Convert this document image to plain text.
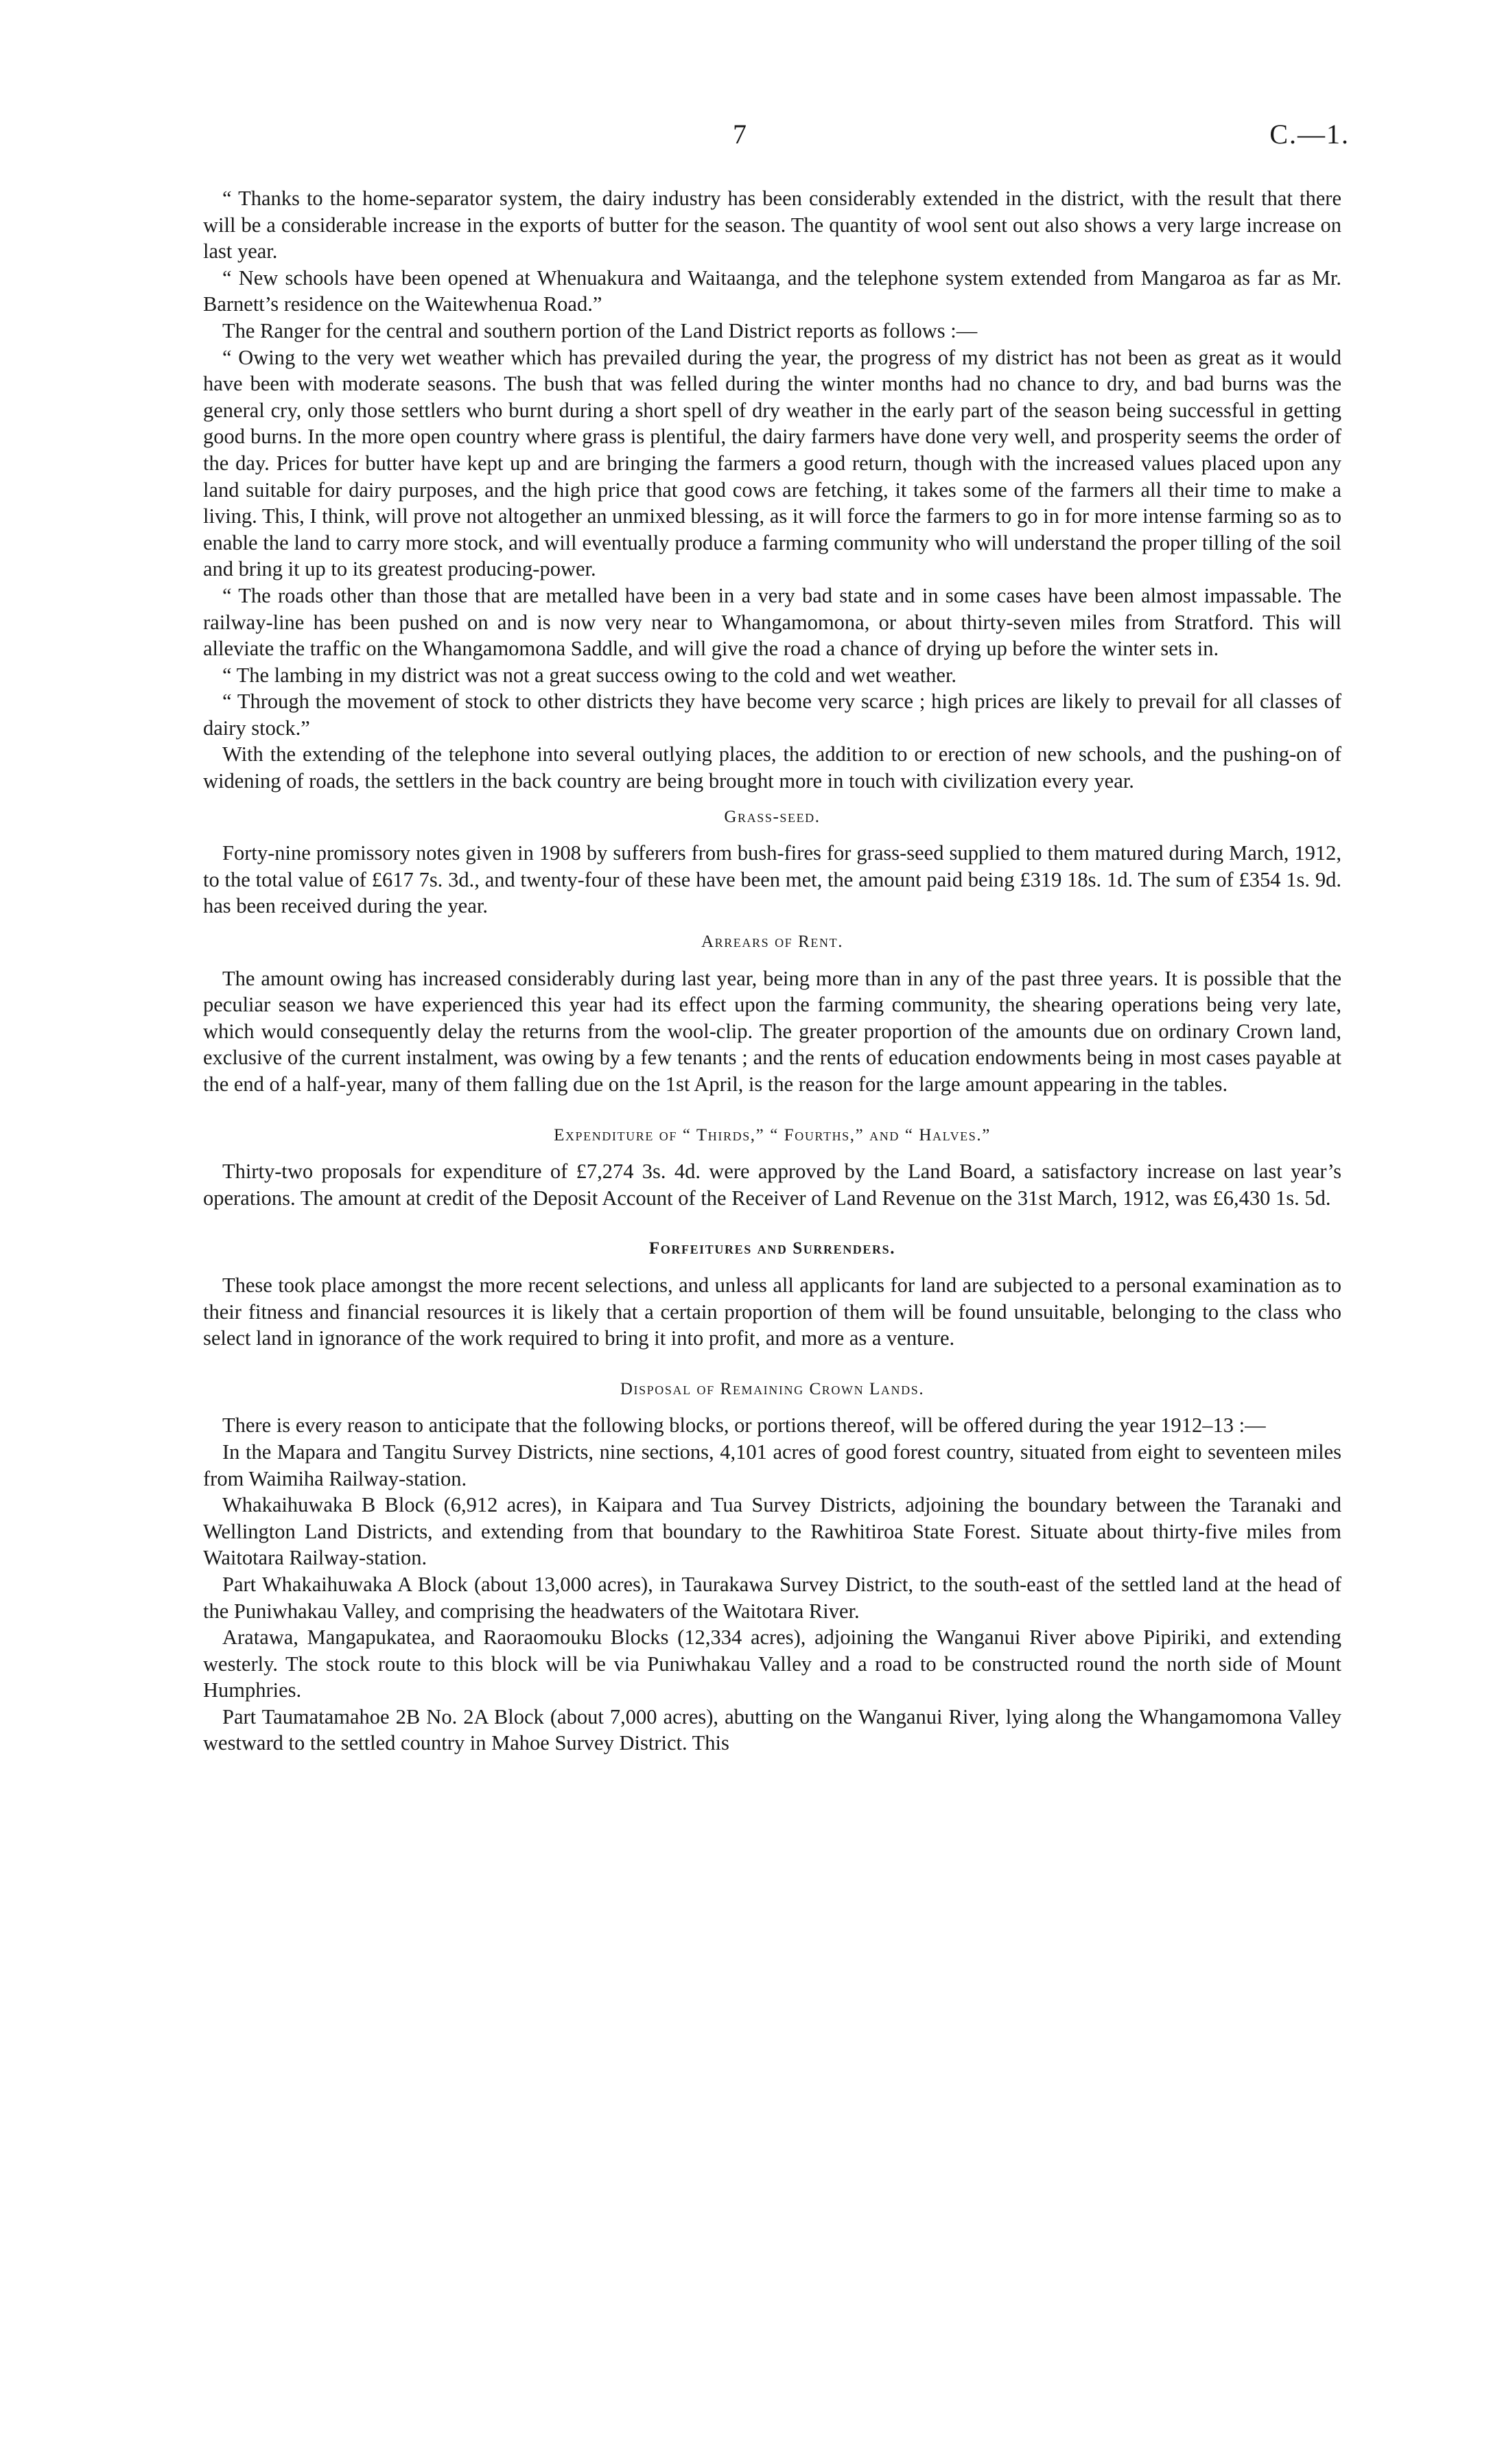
7	C.—1.

“ Thanks to the home-separator system, the dairy industry has been considerably extended in the district, with the result that there will be a considerable increase in the exports of butter for the season. The quantity of wool sent out also shows a very large increase on last year.

“ New schools have been opened at Whenuakura and Waitaanga, and the telephone system extended from Mangaroa as far as Mr. Barnett’s residence on the Waitewhenua Road.”

The Ranger for the central and southern portion of the Land District reports as follows :—

“ Owing to the very wet weather which has prevailed during the year, the progress of my district has not been as great as it would have been with moderate seasons. The bush that was felled during the winter months had no chance to dry, and bad burns was the general cry, only those settlers who burnt during a short spell of dry weather in the early part of the season being successful in getting good burns. In the more open country where grass is plentiful, the dairy farmers have done very well, and prosperity seems the order of the day. Prices for butter have kept up and are bringing the farmers a good return, though with the increased values placed upon any land suitable for dairy purposes, and the high price that good cows are fetching, it takes some of the farmers all their time to make a living. This, I think, will prove not altogether an unmixed blessing, as it will force the farmers to go in for more intense farming so as to enable the land to carry more stock, and will eventually produce a farming community who will understand the proper tilling of the soil and bring it up to its greatest producing-power.

“ The roads other than those that are metalled have been in a very bad state and in some cases have been almost impassable. The railway-line has been pushed on and is now very near to Whangamomona, or about thirty-seven miles from Stratford. This will alleviate the traffic on the Whangamomona Saddle, and will give the road a chance of drying up before the winter sets in.

“ The lambing in my district was not a great success owing to the cold and wet weather.

“ Through the movement of stock to other districts they have become very scarce ; high prices are likely to prevail for all classes of dairy stock.”

With the extending of the telephone into several outlying places, the addition to or erection of new schools, and the pushing-on of widening of roads, the settlers in the back country are being brought more in touch with civilization every year.

Grass-seed.

Forty-nine promissory notes given in 1908 by sufferers from bush-fires for grass-seed supplied to them matured during March, 1912, to the total value of £617 7s. 3d., and twenty-four of these have been met, the amount paid being £319 18s. 1d. The sum of £354 1s. 9d. has been received during the year.

Arrears of Rent.

The amount owing has increased considerably during last year, being more than in any of the past three years. It is possible that the peculiar season we have experienced this year had its effect upon the farming community, the shearing operations being very late, which would consequently delay the returns from the wool-clip. The greater proportion of the amounts due on ordinary Crown land, exclusive of the current instalment, was owing by a few tenants ; and the rents of education endowments being in most cases payable at the end of a half-year, many of them falling due on the 1st April, is the reason for the large amount appearing in the tables.

Expenditure of “ Thirds,” “ Fourths,” and “ Halves.”

Thirty-two proposals for expenditure of £7,274 3s. 4d. were approved by the Land Board, a satisfactory increase on last year’s operations. The amount at credit of the Deposit Account of the Receiver of Land Revenue on the 31st March, 1912, was £6,430 1s. 5d.

Forfeitures and Surrenders.

These took place amongst the more recent selections, and unless all applicants for land are subjected to a personal examination as to their fitness and financial resources it is likely that a certain proportion of them will be found unsuitable, belonging to the class who select land in ignorance of the work required to bring it into profit, and more as a venture.

Disposal of Remaining Crown Lands.

There is every reason to anticipate that the following blocks, or portions thereof, will be offered during the year 1912–13 :—

In the Mapara and Tangitu Survey Districts, nine sections, 4,101 acres of good forest country, situated from eight to seventeen miles from Waimiha Railway-station.

Whakaihuwaka B Block (6,912 acres), in Kaipara and Tua Survey Districts, adjoining the boundary between the Taranaki and Wellington Land Districts, and extending from that boundary to the Rawhitiroa State Forest. Situate about thirty-five miles from Waitotara Railway-station.

Part Whakaihuwaka A Block (about 13,000 acres), in Taurakawa Survey District, to the south-east of the settled land at the head of the Puniwhakau Valley, and comprising the headwaters of the Waitotara River.

Aratawa, Mangapukatea, and Raoraomouku Blocks (12,334 acres), adjoining the Wanganui River above Pipiriki, and extending westerly. The stock route to this block will be via Puniwhakau Valley and a road to be constructed round the north side of Mount Humphries.

Part Taumatamahoe 2B No. 2A Block (about 7,000 acres), abutting on the Wanganui River, lying along the Whangamomona Valley westward to the settled country in Mahoe Survey District. This
